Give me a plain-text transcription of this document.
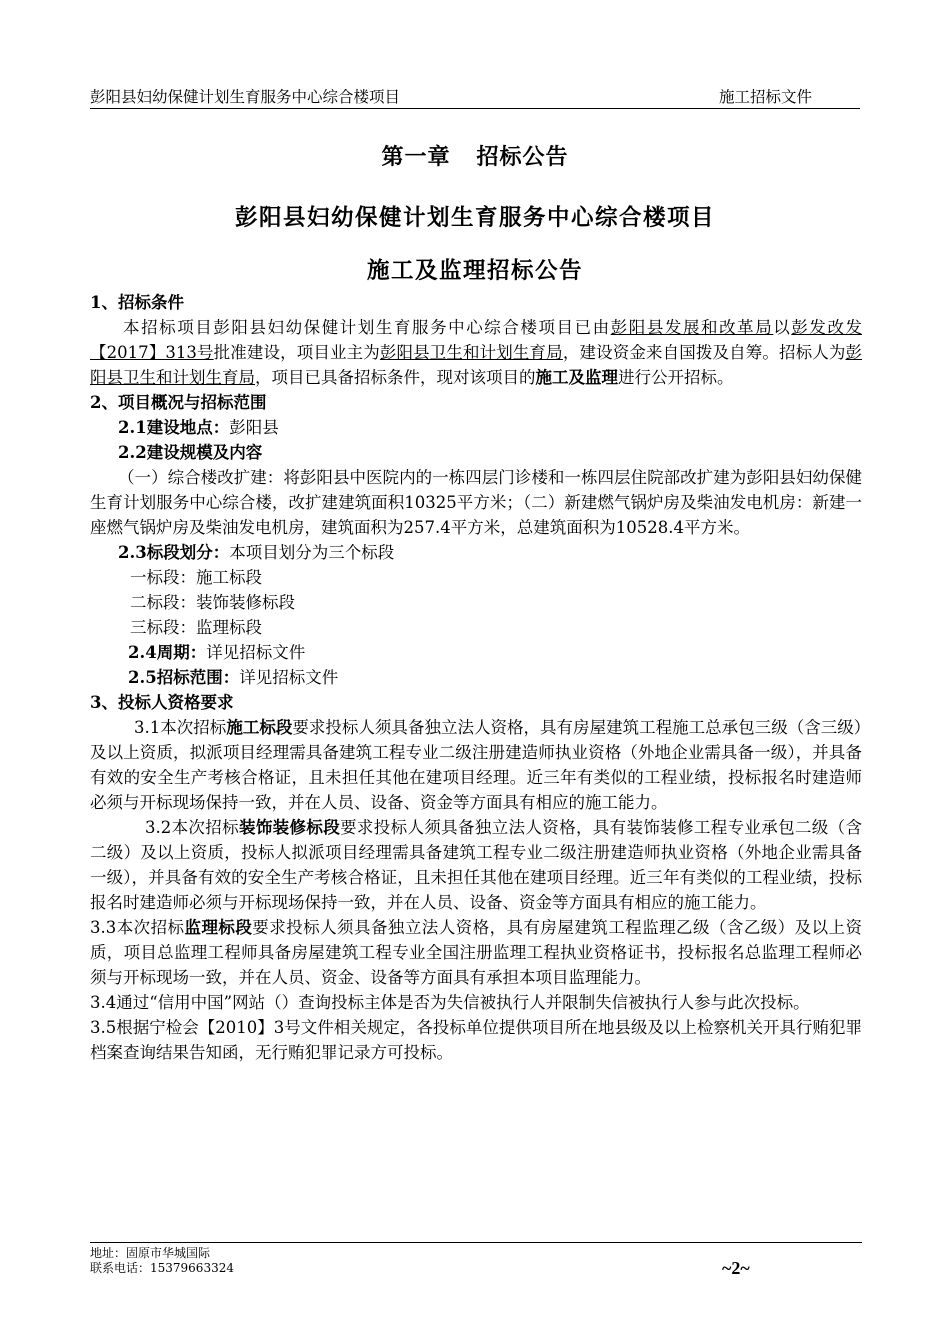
彭阳县妇幼保健计划生育服务中心综合楼项目	施工招标文件
第一章 招标公告
彭阳县妇幼保健计划生育服务中心综合楼项目
施工及监理招标公告

1、招标条件

本招标项目彭阳县妇幼保健计划生育服务中心综合楼项目已由彭阳县发展和改革局以彭发改发【2017】313号批准建设，项目业主为彭阳县卫生和计划生育局，建设资金来自国拨及自筹。招标人为彭阳县卫生和计划生育局，项目已具备招标条件，现对该项目的施工及监理进行公开招标。

2、项目概况与招标范围

2.1建设地点：彭阳县

2.2建设规模及内容

（一）综合楼改扩建：将彭阳县中医院内的一栋四层门诊楼和一栋四层住院部改扩建为彭阳县妇幼保健生育计划服务中心综合楼，改扩建建筑面积10325平方米；（二）新建燃气锅炉房及柴油发电机房：新建一座燃气锅炉房及柴油发电机房，建筑面积为257.4平方米，总建筑面积为10528.4平方米。

2.3标段划分：本项目划分为三个标段

一标段：施工标段

二标段：装饰装修标段

三标段：监理标段

2.4周期：详见招标文件

2.5招标范围：详见招标文件

3、投标人资格要求

3.1本次招标施工标段要求投标人须具备独立法人资格，具有房屋建筑工程施工总承包三级（含三级）及以上资质，拟派项目经理需具备建筑工程专业二级注册建造师执业资格（外地企业需具备一级），并具备有效的安全生产考核合格证，且未担任其他在建项目经理。近三年有类似的工程业绩，投标报名时建造师必须与开标现场保持一致，并在人员、设备、资金等方面具有相应的施工能力。

3.2本次招标装饰装修标段要求投标人须具备独立法人资格，具有装饰装修工程专业承包二级（含二级）及以上资质，投标人拟派项目经理需具备建筑工程专业二级注册建造师执业资格（外地企业需具备一级），并具备有效的安全生产考核合格证，且未担任其他在建项目经理。近三年有类似的工程业绩，投标报名时建造师必须与开标现场保持一致，并在人员、设备、资金等方面具有相应的施工能力。

3.3本次招标监理标段要求投标人须具备独立法人资格，具有房屋建筑工程监理乙级（含乙级）及以上资质，项目总监理工程师具备房屋建筑工程专业全国注册监理工程执业资格证书，投标报名总监理工程师必须与开标现场一致，并在人员、资金、设备等方面具有承担本项目监理能力。

3.4通过“信用中国”网站（）查询投标主体是否为失信被执行人并限制失信被执行人参与此次投标。

3.5根据宁检会【2010】3号文件相关规定，各投标单位提供项目所在地县级及以上检察机关开具行贿犯罪档案查询结果告知函，无行贿犯罪记录方可投标。

地址：固原市华城国际
联系电话：15379663324	~2~
